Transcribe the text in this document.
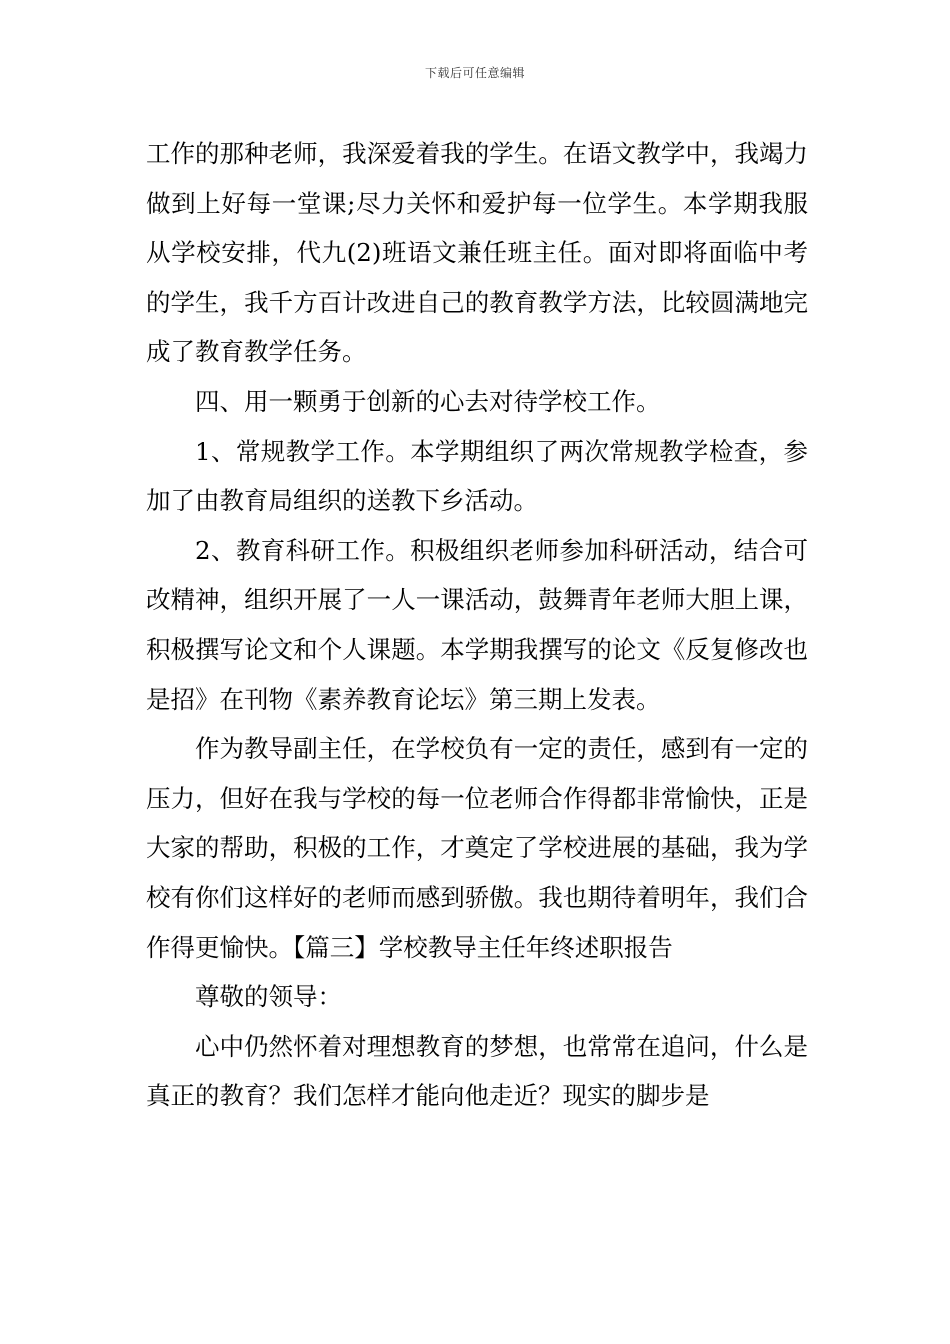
下载后可任意编辑

工作的那种老师，我深爱着我的学生。在语文教学中，我竭力做到上好每一堂课;尽力关怀和爱护每一位学生。本学期我服从学校安排，代九(2)班语文兼任班主任。面对即将面临中考的学生，我千方百计改进自己的教育教学方法，比较圆满地完成了教育教学任务。

四、用一颗勇于创新的心去对待学校工作。

1、常规教学工作。本学期组织了两次常规教学检查，参加了由教育局组织的送教下乡活动。

2、教育科研工作。积极组织老师参加科研活动，结合可改精神，组织开展了一人一课活动，鼓舞青年老师大胆上课，积极撰写论文和个人课题。本学期我撰写的论文《反复修改也是招》在刊物《素养教育论坛》第三期上发表。

作为教导副主任，在学校负有一定的责任，感到有一定的压力，但好在我与学校的每一位老师合作得都非常愉快，正是大家的帮助，积极的工作，才奠定了学校进展的基础，我为学校有你们这样好的老师而感到骄傲。我也期待着明年，我们合作得更愉快。【篇三】学校教导主任年终述职报告

尊敬的领导：

心中仍然怀着对理想教育的梦想，也常常在追问，什么是真正的教育？我们怎样才能向他走近？现实的脚步是
